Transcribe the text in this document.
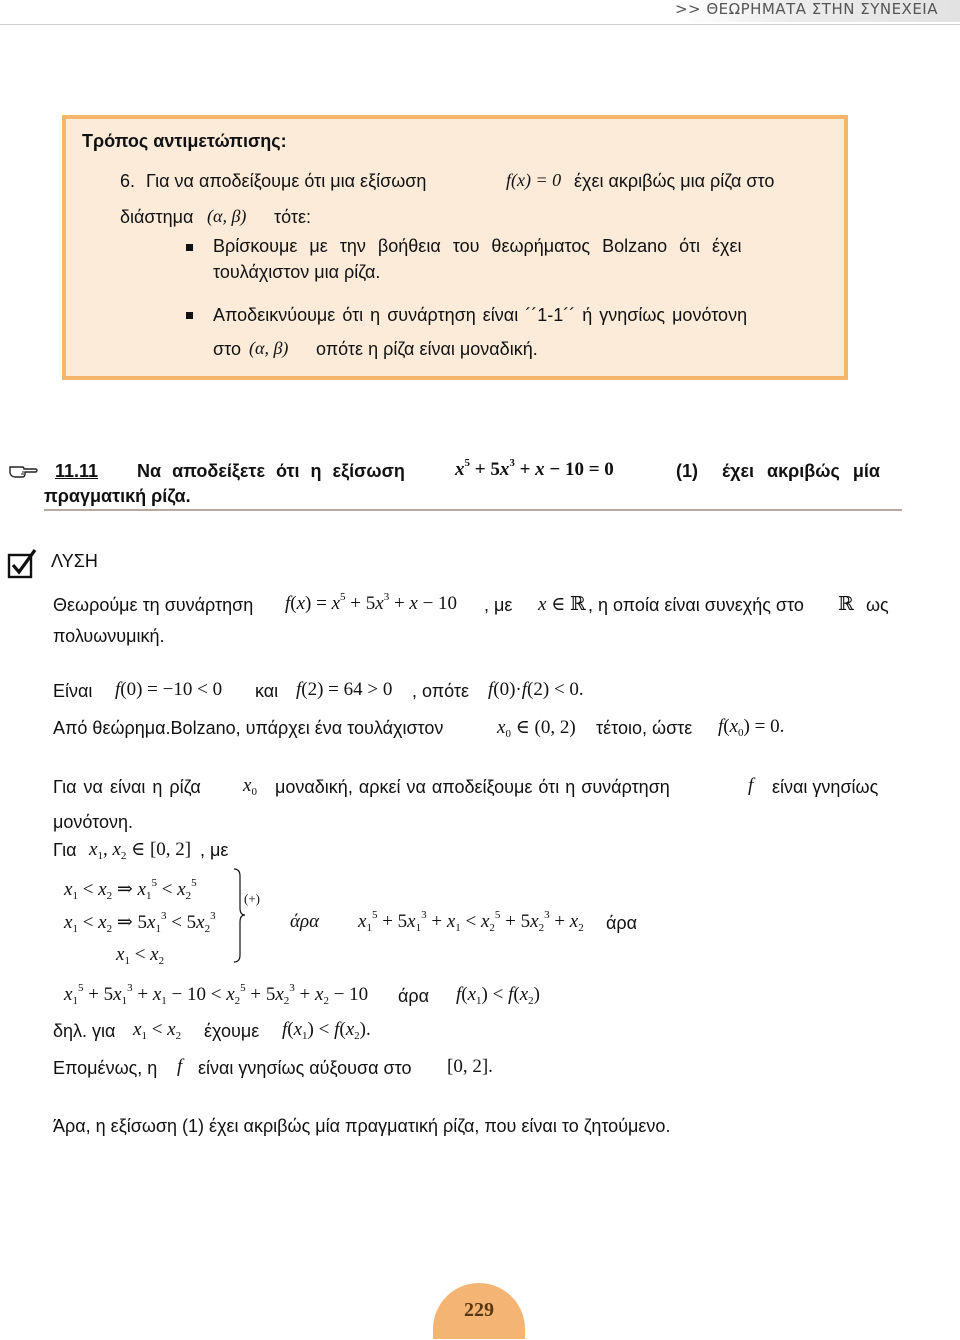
>> ΘΕΩΡΗΜΑΤΑ ΣΤΗΝ ΣΥΝΕΧΕΙΑ
Τρόπος αντιμετώπισης:
6. Για να αποδείξουμε ότι μια εξίσωση	f(x) = 0 έχει ακριβώς μια ρίζα στο
διάστημα (α, β) τότε:
Βρίσκουμε με την βοήθεια του θεωρήματος Bolzano ότι έχει
τουλάχιστον μια ρίζα.
Αποδεικνύουμε ότι η συνάρτηση είναι ´´1-1´´ ή γνησίως μονότονη
στο (α, β) οπότε η ρίζα είναι μοναδική.
11.11 Να αποδείξετε ότι η εξίσωση	$x^5 + 5x^3 + x - 10 = 0$	(1) έχει ακριβώς μία
πραγματική ρίζα.
ΛΥΣΗ
Θεωρούμε τη συνάρτηση $f(x) = x^5 + 5x^3 + x - 10$ , με x ∈ ℝ , η οποία είναι συνεχής στο ℝ ως
πολυωνυμική.
Είναι f(0) = −10 < 0 και f(2) = 64 > 0 , οπότε f(0)·f(2) < 0.
Από θεώρημα.Bolzano, υπάρχει ένα τουλάχιστον	$x_0$ ∈ (0, 2) τέτοιο, ώστε $f(x_0) = 0$.
Για να είναι η ρίζα $x_0$ μοναδική, αρκεί να αποδείξουμε ότι η συνάρτηση	f είναι γνησίως
μονότονη.
Για $x_1$, $x_2$ ∈ [0, 2] , με
$x_1 < x_2$ ⇒ $x_1^5 < x_2^5$
$x_1 < x_2$ ⇒ $5x_1^3 < 5x_2^3$
$x_1 < x_2$
(+)
άρα $x_1^5 + 5x_1^3 + x_1 < x_2^5 + 5x_2^3 + x_2$ άρα
$x_1^5 + 5x_1^3 + x_1 - 10 < x_2^5 + 5x_2^3 + x_2 - 10$ άρα $f(x_1) < f(x_2)$
δηλ. για $x_1 < x_2$ έχουμε $f(x_1) < f(x_2)$.
Επομένως, η f είναι γνησίως αύξουσα στο [0, 2].
Άρα, η εξίσωση (1) έχει ακριβώς μία πραγματική ρίζα, που είναι το ζητούμενο.
229
